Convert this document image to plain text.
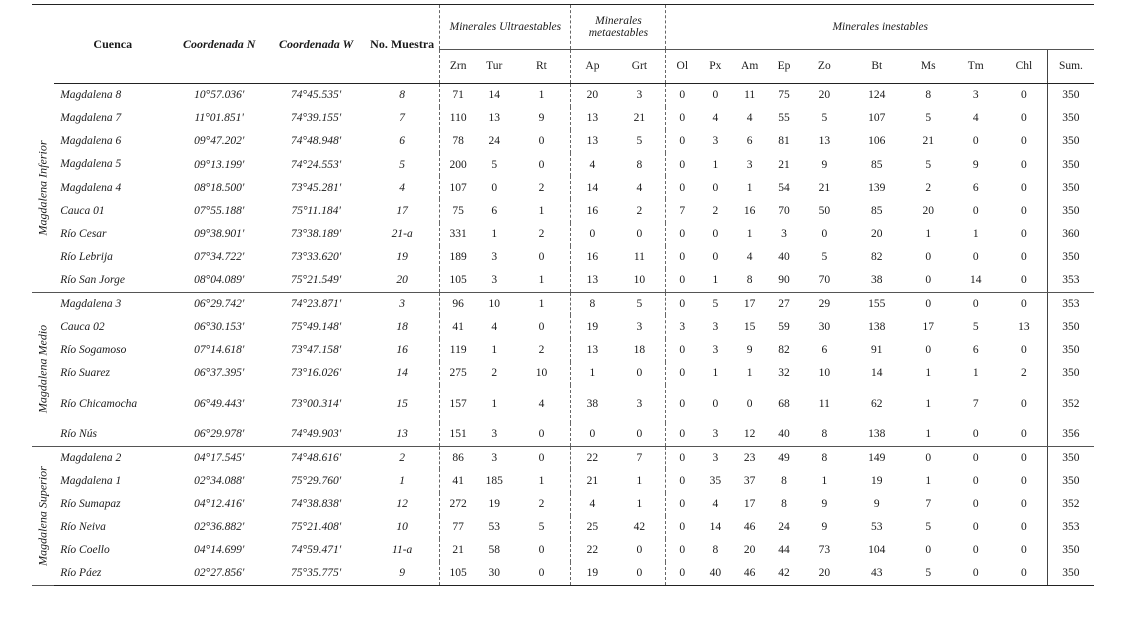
	Cuenca	Coordenada N	Coordenada W	No. Muestra	Minerales Ultraestables			Minerales metaestables		Minerales inestables									
					Zrn	Tur	Rt	Ap	Grt	Ol	Px	Am	Ep	Zo	Bt	Ms	Tm	Chl	Sum.

Magdalena Inferior	Magdalena 8	10°57.036'	74°45.535'	8	71	14	1	20	3	0	0	11	75	20	124	8	3	0	350
	Magdalena 7	11°01.851'	74°39.155'	7	110	13	9	13	21	0	4	4	55	5	107	5	4	0	350
	Magdalena 6	09°47.202'	74°48.948'	6	78	24	0	13	5	0	3	6	81	13	106	21	0	0	350
	Magdalena 5	09°13.199'	74°24.553'	5	200	5	0	4	8	0	1	3	21	9	85	5	9	0	350
	Magdalena 4	08°18.500'	73°45.281'	4	107	0	2	14	4	0	0	1	54	21	139	2	6	0	350
	Cauca 01	07°55.188'	75°11.184'	17	75	6	1	16	2	7	2	16	70	50	85	20	0	0	350
	Río Cesar	09°38.901'	73°38.189'	21-a	331	1	2	0	0	0	0	1	3	0	20	1	1	0	360
	Río Lebrija	07°34.722'	73°33.620'	19	189	3	0	16	11	0	0	4	40	5	82	0	0	0	350
	Río San Jorge	08°04.089'	75°21.549'	20	105	3	1	13	10	0	1	8	90	70	38	0	14	0	353

Magdalena Medio	Magdalena 3	06°29.742'	74°23.871'	3	96	10	1	8	5	0	5	17	27	29	155	0	0	0	353
	Cauca 02	06°30.153'	75°49.148'	18	41	4	0	19	3	3	3	15	59	30	138	17	5	13	350
	Río Sogamoso	07°14.618'	73°47.158'	16	119	1	2	13	18	0	3	9	82	6	91	0	6	0	350
	Río Suarez	06°37.395'	73°16.026'	14	275	2	10	1	0	0	1	1	32	10	14	1	1	2	350
	Río Chicamocha	06°49.443'	73°00.314'	15	157	1	4	38	3	0	0	0	68	11	62	1	7	0	352
	Río Nús	06°29.978'	74°49.903'	13	151	3	0	0	0	0	3	12	40	8	138	1	0	0	356

Magdalena Superior	Magdalena 2	04°17.545'	74°48.616'	2	86	3	0	22	7	0	3	23	49	8	149	0	0	0	350
	Magdalena 1	02°34.088'	75°29.760'	1	41	185	1	21	1	0	35	37	8	1	19	1	0	0	350
	Río Sumapaz	04°12.416'	74°38.838'	12	272	19	2	4	1	0	4	17	8	9	9	7	0	0	352
	Río Neiva	02°36.882'	75°21.408'	10	77	53	5	25	42	0	14	46	24	9	53	5	0	0	353
	Río Coello	04°14.699'	74°59.471'	11-a	21	58	0	22	0	0	8	20	44	73	104	0	0	0	350
	Río Páez	02°27.856'	75°35.775'	9	105	30	0	19	0	0	40	46	42	20	43	5	0	0	350
